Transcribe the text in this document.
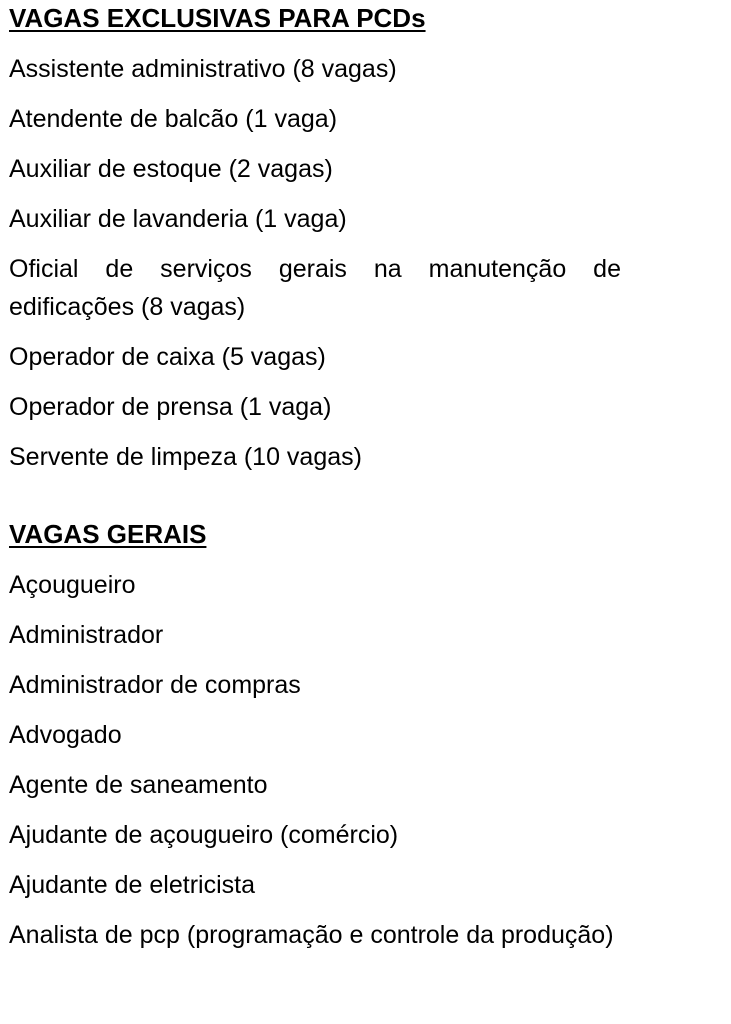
VAGAS EXCLUSIVAS PARA PCDs
Assistente administrativo (8 vagas)
Atendente de balcão (1 vaga)
Auxiliar de estoque (2 vagas)
Auxiliar de lavanderia (1 vaga)
Oficial de serviços gerais na manutenção de edificações (8 vagas)
Operador de caixa (5 vagas)
Operador de prensa (1 vaga)
Servente de limpeza (10 vagas)
VAGAS GERAIS
Açougueiro
Administrador
Administrador de compras
Advogado
Agente de saneamento
Ajudante de açougueiro (comércio)
Ajudante de eletricista
Analista de pcp (programação e controle da produção)
